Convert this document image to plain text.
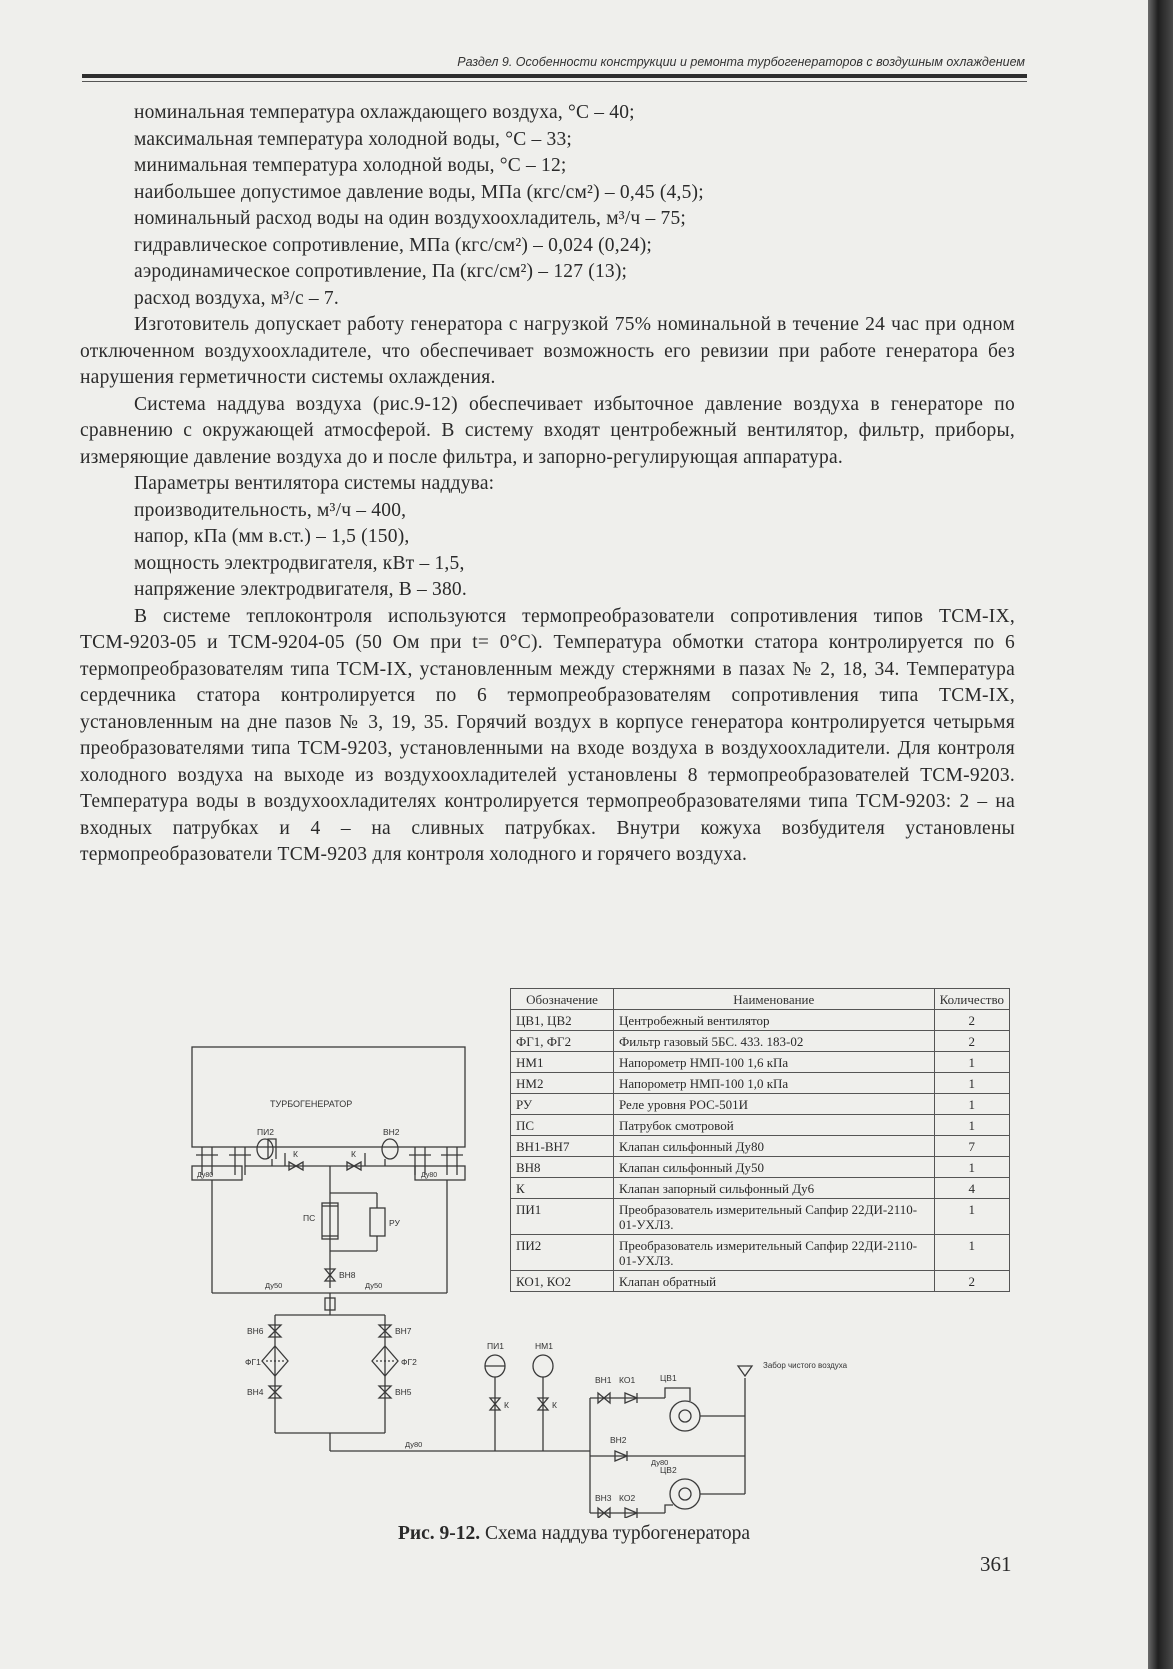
Раздел 9. Особенности конструкции и ремонта турбогенераторов с воздушным охлаждением
номинальная температура охлаждающего воздуха, °С – 40;
максимальная температура холодной воды, °С – 33;
минимальная температура холодной воды, °С – 12;
наибольшее допустимое давление воды, МПа (кгс/см²) – 0,45 (4,5);
номинальный расход воды на один воздухоохладитель, м³/ч – 75;
гидравлическое сопротивление, МПа (кгс/см²) – 0,024 (0,24);
аэродинамическое сопротивление, Па (кгс/см²) – 127 (13);
расход воздуха, м³/с – 7.

Изготовитель допускает работу генератора с нагрузкой 75% номинальной в течение 24 час при одном отключенном воздухоохладителе, что обеспечивает возможность его ревизии при работе генератора без нарушения герметичности системы охлаждения.

Система наддува воздуха (рис.9-12) обеспечивает избыточное давление воздуха в генераторе по сравнению с окружающей атмосферой. В систему входят центробежный вентилятор, фильтр, приборы, измеряющие давление воздуха до и после фильтра, и запорно-регулирующая аппаратура.

Параметры вентилятора системы наддува:
производительность, м³/ч – 400,
напор, кПа (мм в.ст.) – 1,5 (150),
мощность электродвигателя, кВт – 1,5,
напряжение электродвигателя, В – 380.

В системе теплоконтроля используются термопреобразователи сопротивления типов ТСМ-IX, ТСМ-9203-05 и ТСМ-9204-05 (50 Ом при t= 0°С). Температура обмотки статора контролируется по 6 термопреобразователям типа ТСМ-IX, установленным между стержнями в пазах № 2, 18, 34. Температура сердечника статора контролируется по 6 термопреобразователям сопротивления типа ТСМ-IX, установленным на дне пазов № 3, 19, 35. Горячий воздух в корпусе генератора контролируется четырьмя преобразователями типа ТСМ-9203, установленными на входе воздуха в воздухоохладители. Для контроля холодного воздуха на выходе из воздухоохладителей установлены 8 термопреобразователей ТСМ-9203. Температура воды в воздухоохладителях контролируется термопреобразователями типа ТСМ-9203: 2 – на входных патрубках и 4 – на сливных патрубках. Внутри кожуха возбудителя установлены термопреобразователи ТСМ-9203 для контроля холодного и горячего воздуха.

Обозначение	Наименование	Количество
ЦВ1, ЦВ2	Центробежный вентилятор	2
ФГ1, ФГ2	Фильтр газовый 5БС. 433. 183-02	2
НМ1	Напорометр НМП-100 1,6 кПа	1
НМ2	Напорометр НМП-100 1,0 кПа	1
РУ	Реле уровня РОС-501И	1
ПС	Патрубок смотровой	1
ВН1-ВН7	Клапан сильфонный Ду80	7
ВН8	Клапан сильфонный Ду50	1
К	Клапан запорный сильфонный Ду6	4
ПИ1	Преобразователь измерительный Сапфир 22ДИ-2110-01-УХЛЗ.	1
ПИ2	Преобразователь измерительный Сапфир 22ДИ-2110-01-УХЛЗ.	1
КО1, КО2	Клапан обратный	2
ТУРБОГЕНЕРАТОР
ПИ2	ВН2
К	К
Ду80	Ду80
ПС	РУ
ВН8
Ду50	Ду50
ВН6	ВН7
ФГ1	ФГ2
ВН4	ВН5
ПИ1	НМ1
К	К
Ду80
ВН1 КО1	ЦВ1
ВН2
Ду80
ЦВ2
ВН3 КО2
Забор чистого воздуха
Рис. 9-12. Схема наддува турбогенератора
361
